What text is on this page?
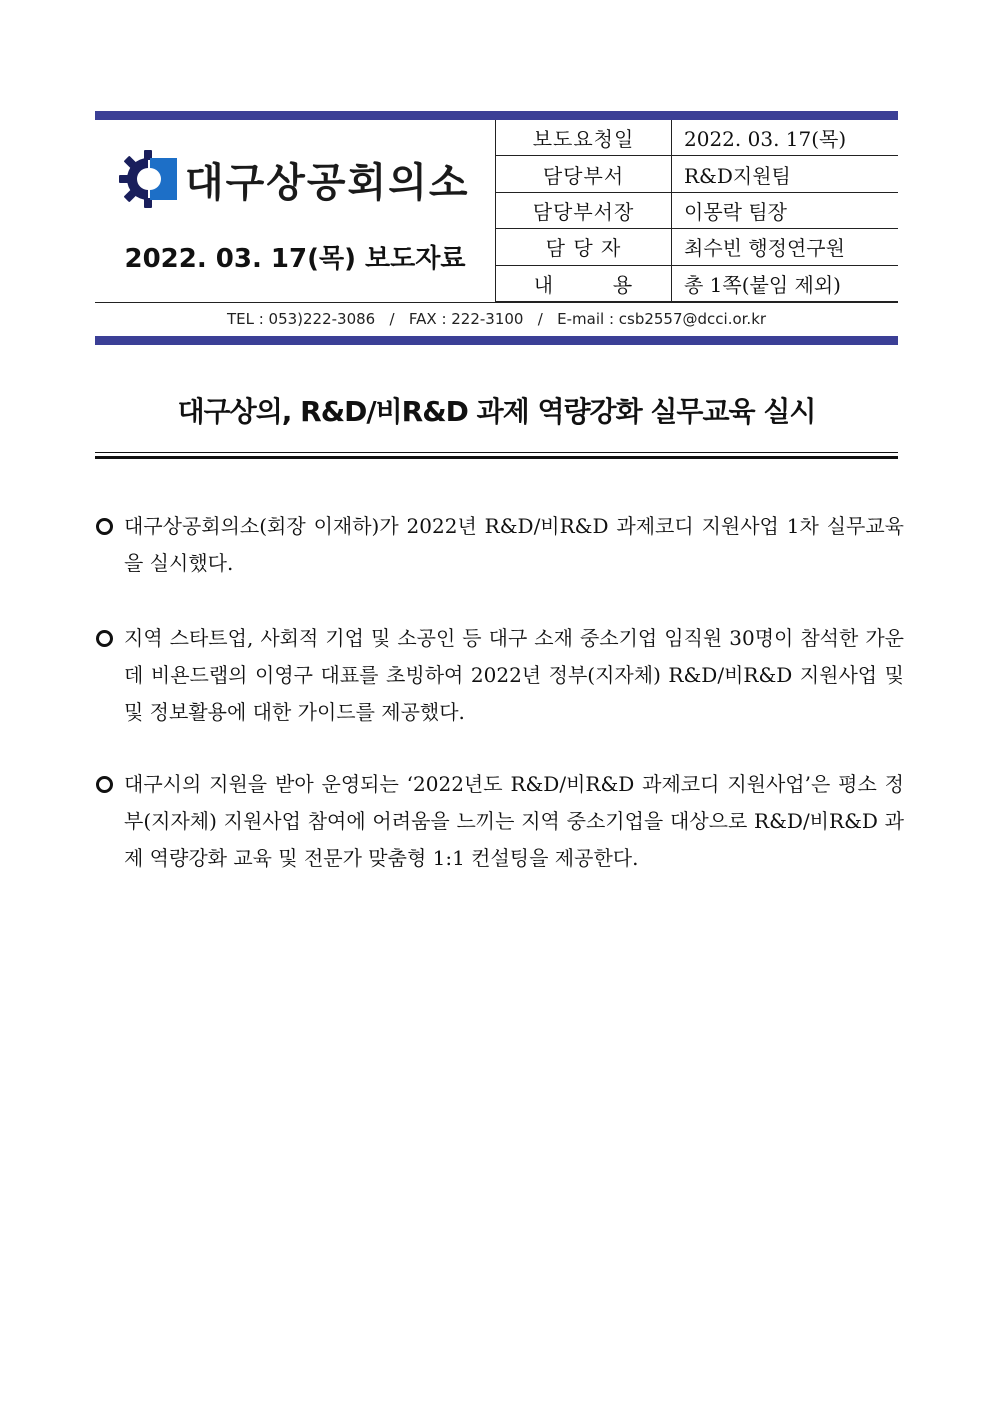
대구상공회의소
2022. 03. 17(목) 보도자료
보도요청일	2022. 03. 17(목)
담당부서	R&D지원팀
담당부서장	이몽락 팀장
담 당 자	최수빈 행정연구원
내        용	총 1쪽(붙임 제외)
TEL : 053)222-3086   /   FAX : 222-3100   /   E-mail : csb2557@dcci.or.kr
대구상의, R&D/비R&D 과제 역량강화 실무교육 실시
대구상공회의소(회장 이재하)가 2022년 R&D/비R&D 과제코디 지원사업 1차 실무교육을 실시했다.
지역 스타트업, 사회적 기업 및 소공인 등 대구 소재 중소기업 임직원 30명이 참석한 가운데 비욘드랩의 이영구 대표를 초빙하여 2022년 정부(지자체) R&D/비R&D 지원사업 및 및 정보활용에 대한 가이드를 제공했다.
대구시의 지원을 받아 운영되는 ‘2022년도 R&D/비R&D 과제코디 지원사업’은 평소 정부(지자체) 지원사업 참여에 어려움을 느끼는 지역 중소기업을 대상으로 R&D/비R&D 과제 역량강화 교육 및 전문가 맞춤형 1:1 컨설팅을 제공한다.
